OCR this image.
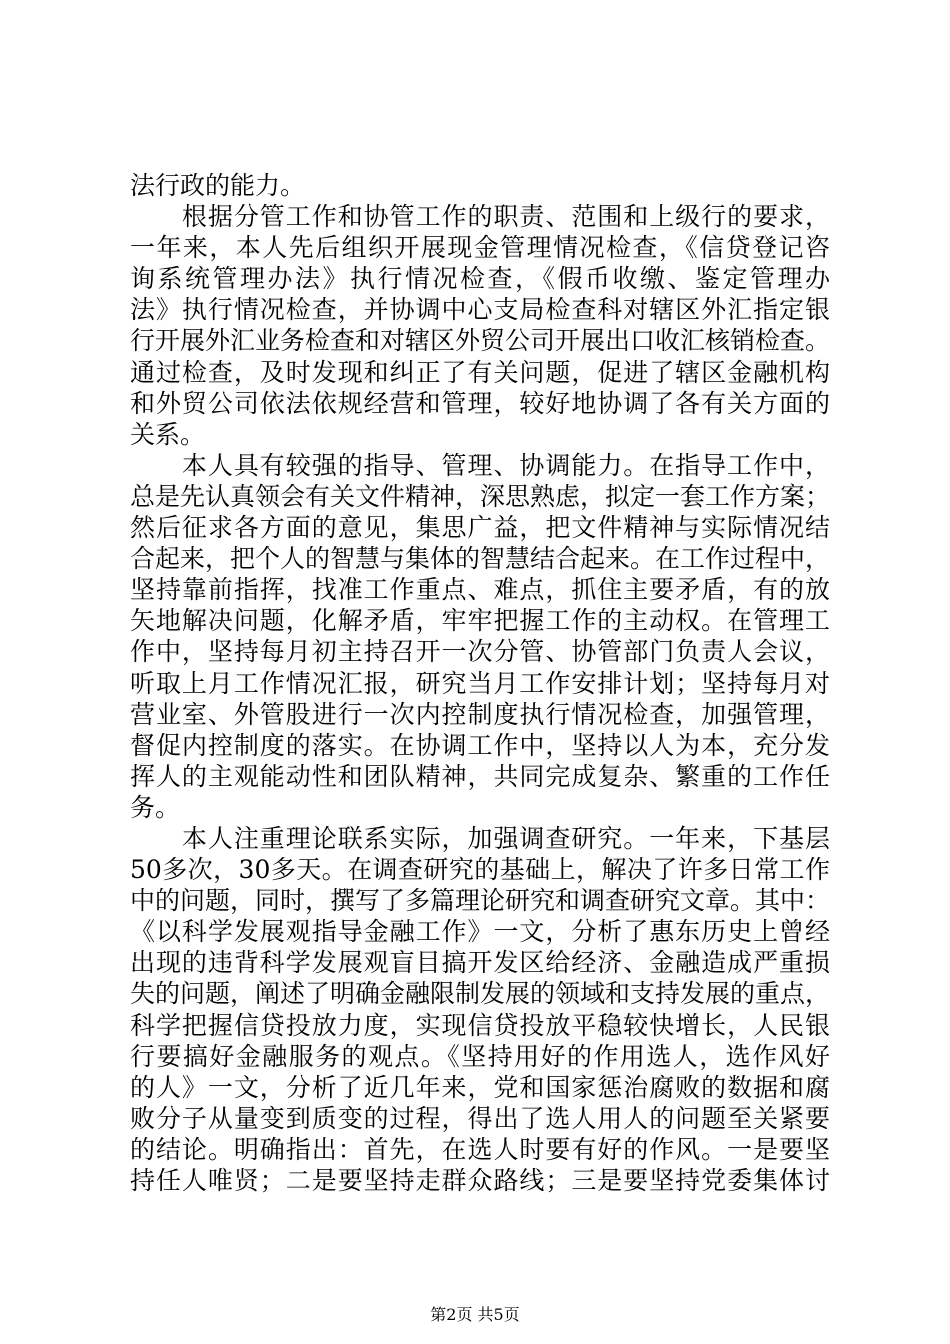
法行政的能力。
　　根据分管工作和协管工作的职责、范围和上级行的要求，
一年来，本人先后组织开展现金管理情况检查，《信贷登记咨
询系统管理办法》执行情况检查，《假币收缴、鉴定管理办
法》执行情况检查，并协调中心支局检查科对辖区外汇指定银
行开展外汇业务检查和对辖区外贸公司开展出口收汇核销检查。
通过检查，及时发现和纠正了有关问题，促进了辖区金融机构
和外贸公司依法依规经营和管理，较好地协调了各有关方面的
关系。
　　本人具有较强的指导、管理、协调能力。在指导工作中，
总是先认真领会有关文件精神，深思熟虑，拟定一套工作方案；
然后征求各方面的意见，集思广益，把文件精神与实际情况结
合起来，把个人的智慧与集体的智慧结合起来。在工作过程中，
坚持靠前指挥，找准工作重点、难点，抓住主要矛盾，有的放
矢地解决问题，化解矛盾，牢牢把握工作的主动权。在管理工
作中，坚持每月初主持召开一次分管、协管部门负责人会议，
听取上月工作情况汇报，研究当月工作安排计划；坚持每月对
营业室、外管股进行一次内控制度执行情况检查，加强管理，
督促内控制度的落实。在协调工作中，坚持以人为本，充分发
挥人的主观能动性和团队精神，共同完成复杂、繁重的工作任
务。
　　本人注重理论联系实际，加强调查研究。一年来，下基层
50多次，30多天。在调查研究的基础上，解决了许多日常工作
中的问题，同时，撰写了多篇理论研究和调查研究文章。其中：
《以科学发展观指导金融工作》一文，分析了惠东历史上曾经
出现的违背科学发展观盲目搞开发区给经济、金融造成严重损
失的问题，阐述了明确金融限制发展的领域和支持发展的重点，
科学把握信贷投放力度，实现信贷投放平稳较快增长，人民银
行要搞好金融服务的观点。《坚持用好的作用选人，选作风好
的人》一文，分析了近几年来，党和国家惩治腐败的数据和腐
败分子从量变到质变的过程，得出了选人用人的问题至关紧要
的结论。明确指出：首先，在选人时要有好的作风。一是要坚
持任人唯贤；二是要坚持走群众路线；三是要坚持党委集体讨
第2页 共5页
